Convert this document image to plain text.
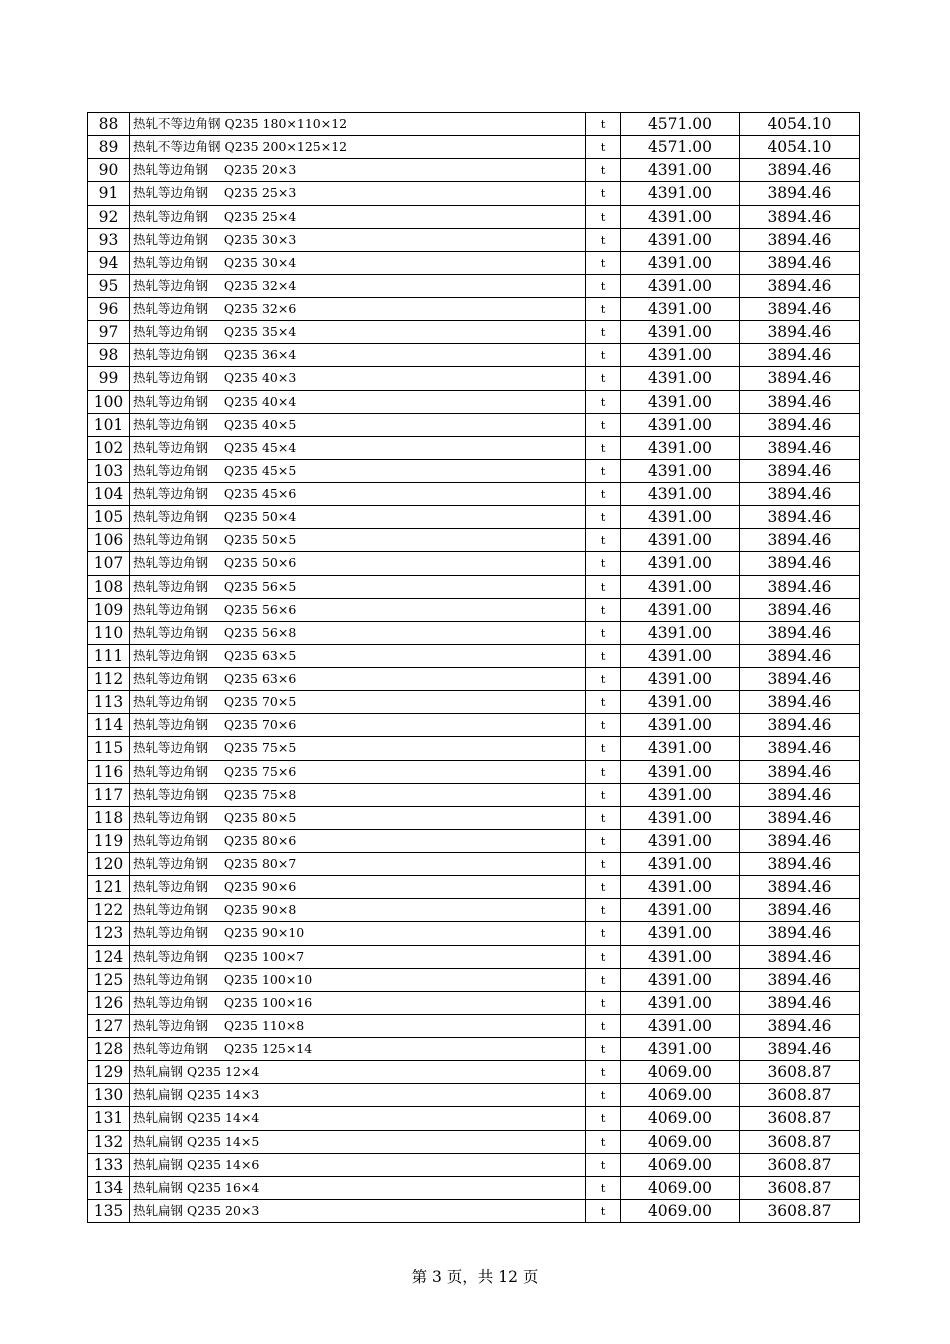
88	热轧不等边角钢 Q235 180×110×12	t	4571.00	4054.10
89	热轧不等边角钢 Q235 200×125×12	t	4571.00	4054.10
90	热轧等边角钢    Q235 20×3	t	4391.00	3894.46
91	热轧等边角钢    Q235 25×3	t	4391.00	3894.46
92	热轧等边角钢    Q235 25×4	t	4391.00	3894.46
93	热轧等边角钢    Q235 30×3	t	4391.00	3894.46
94	热轧等边角钢    Q235 30×4	t	4391.00	3894.46
95	热轧等边角钢    Q235 32×4	t	4391.00	3894.46
96	热轧等边角钢    Q235 32×6	t	4391.00	3894.46
97	热轧等边角钢    Q235 35×4	t	4391.00	3894.46
98	热轧等边角钢    Q235 36×4	t	4391.00	3894.46
99	热轧等边角钢    Q235 40×3	t	4391.00	3894.46
100	热轧等边角钢    Q235 40×4	t	4391.00	3894.46
101	热轧等边角钢    Q235 40×5	t	4391.00	3894.46
102	热轧等边角钢    Q235 45×4	t	4391.00	3894.46
103	热轧等边角钢    Q235 45×5	t	4391.00	3894.46
104	热轧等边角钢    Q235 45×6	t	4391.00	3894.46
105	热轧等边角钢    Q235 50×4	t	4391.00	3894.46
106	热轧等边角钢    Q235 50×5	t	4391.00	3894.46
107	热轧等边角钢    Q235 50×6	t	4391.00	3894.46
108	热轧等边角钢    Q235 56×5	t	4391.00	3894.46
109	热轧等边角钢    Q235 56×6	t	4391.00	3894.46
110	热轧等边角钢    Q235 56×8	t	4391.00	3894.46
111	热轧等边角钢    Q235 63×5	t	4391.00	3894.46
112	热轧等边角钢    Q235 63×6	t	4391.00	3894.46
113	热轧等边角钢    Q235 70×5	t	4391.00	3894.46
114	热轧等边角钢    Q235 70×6	t	4391.00	3894.46
115	热轧等边角钢    Q235 75×5	t	4391.00	3894.46
116	热轧等边角钢    Q235 75×6	t	4391.00	3894.46
117	热轧等边角钢    Q235 75×8	t	4391.00	3894.46
118	热轧等边角钢    Q235 80×5	t	4391.00	3894.46
119	热轧等边角钢    Q235 80×6	t	4391.00	3894.46
120	热轧等边角钢    Q235 80×7	t	4391.00	3894.46
121	热轧等边角钢    Q235 90×6	t	4391.00	3894.46
122	热轧等边角钢    Q235 90×8	t	4391.00	3894.46
123	热轧等边角钢    Q235 90×10	t	4391.00	3894.46
124	热轧等边角钢    Q235 100×7	t	4391.00	3894.46
125	热轧等边角钢    Q235 100×10	t	4391.00	3894.46
126	热轧等边角钢    Q235 100×16	t	4391.00	3894.46
127	热轧等边角钢    Q235 110×8	t	4391.00	3894.46
128	热轧等边角钢    Q235 125×14	t	4391.00	3894.46
129	热轧扁钢 Q235 12×4	t	4069.00	3608.87
130	热轧扁钢 Q235 14×3	t	4069.00	3608.87
131	热轧扁钢 Q235 14×4	t	4069.00	3608.87
132	热轧扁钢 Q235 14×5	t	4069.00	3608.87
133	热轧扁钢 Q235 14×6	t	4069.00	3608.87
134	热轧扁钢 Q235 16×4	t	4069.00	3608.87
135	热轧扁钢 Q235 20×3	t	4069.00	3608.87
第 3 页，共 12 页
